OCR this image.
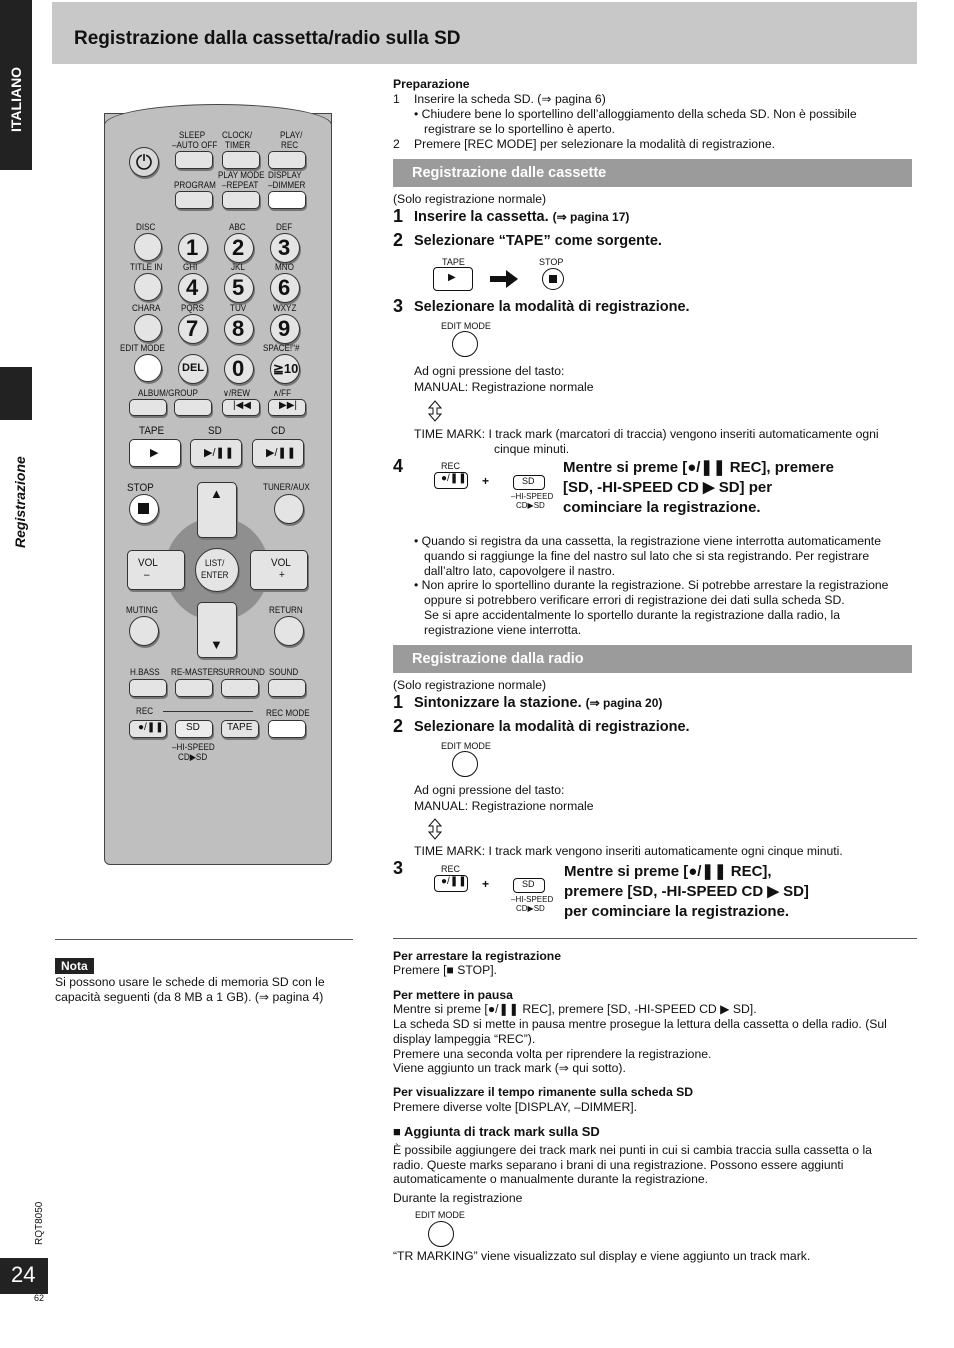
ITALIANO
Registrazione
RQT8050
24
62
Registrazione dalla cassetta/radio sulla SD
SLEEP
–AUTO OFF
CLOCK/
TIMER
PLAY/
REC
PROGRAM
PLAY MODE
–REPEAT
DISPLAY
–DIMMER
DISC	ABC	DEF
1 2 3
TITLE IN GHI	JKL	MNO
4 5 6
CHARA PQRS	TUV	WXYZ
7 8 9
EDIT MODE	SPACE!"#
DEL 0 ≧10
ALBUM/GROUP	∨/REW	∧/FF
|◀◀	▶▶|
TAPE	SD	CD
▶	▶/❚❚	▶/❚❚
STOP	TUNER/AUX
▲
▼
VOL
–
VOL
+
LIST/
ENTER
MUTING	RETURN
H.BASS RE-MASTER SURROUND SOUND
REC	REC MODE
●/❚❚ SD	TAPE
–HI-SPEED
CD▶SD
Nota
Si possono usare le schede di memoria SD con le
capacità seguenti (da 8 MB a 1 GB). (⇒ pagina 4)
Preparazione
1 Inserire la scheda SD. (⇒ pagina 6)
• Chiudere bene lo sportellino dell’alloggiamento della scheda SD. Non è possibile
registrare se lo sportellino è aperto.
2 Premere [REC MODE] per selezionare la modalità di registrazione.
Registrazione dalle cassette
(Solo registrazione normale)
1 Inserire la cassetta. (⇒ pagina 17)
2 Selezionare “TAPE” come sorgente.
TAPE
▶
STOP
3 Selezionare la modalità di registrazione.
EDIT MODE
Ad ogni pressione del tasto:
MANUAL: Registrazione normale
TIME MARK: I track mark (marcatori di traccia) vengono inseriti automaticamente ogni
cinque minuti.
4	REC
●/❚❚ +	SD
–HI-SPEED
CD▶SD
Mentre si preme [●/❚❚ REC], premere
[SD, -HI-SPEED CD ▶ SD] per
cominciare la registrazione.
• Quando si registra da una cassetta, la registrazione viene interrotta automaticamente
quando si raggiunge la fine del nastro sul lato che si sta registrando. Per registrare
dall’altro lato, capovolgere il nastro.
• Non aprire lo sportellino durante la registrazione. Si potrebbe arrestare la registrazione
oppure si potrebbero verificare errori di registrazione dei dati sulla scheda SD.
Se si apre accidentalmente lo sportello durante la registrazione dalla radio, la
registrazione viene interrotta.
Registrazione dalla radio
(Solo registrazione normale)
1 Sintonizzare la stazione. (⇒ pagina 20)
2 Selezionare la modalità di registrazione.
EDIT MODE
Ad ogni pressione del tasto:
MANUAL: Registrazione normale
TIME MARK: I track mark vengono inseriti automaticamente ogni cinque minuti.
3	REC
●/❚❚ +	SD
–HI-SPEED
CD▶SD
Mentre si preme [●/❚❚ REC],
premere [SD, -HI-SPEED CD ▶ SD]
per cominciare la registrazione.
Per arrestare la registrazione
Premere [■ STOP].
Per mettere in pausa
Mentre si preme [●/❚❚ REC], premere [SD, -HI-SPEED CD ▶ SD].
La scheda SD si mette in pausa mentre prosegue la lettura della cassetta o della radio. (Sul
display lampeggia “REC”).
Premere una seconda volta per riprendere la registrazione.
Viene aggiunto un track mark (⇒ qui sotto).
Per visualizzare il tempo rimanente sulla scheda SD
Premere diverse volte [DISPLAY, –DIMMER].
■ Aggiunta di track mark sulla SD
È possibile aggiungere dei track mark nei punti in cui si cambia traccia sulla cassetta o la
radio. Queste marks separano i brani di una registrazione. Possono essere aggiunti
automaticamente o manualmente durante la registrazione.
Durante la registrazione
EDIT MODE
“TR MARKING” viene visualizzato sul display e viene aggiunto un track mark.
